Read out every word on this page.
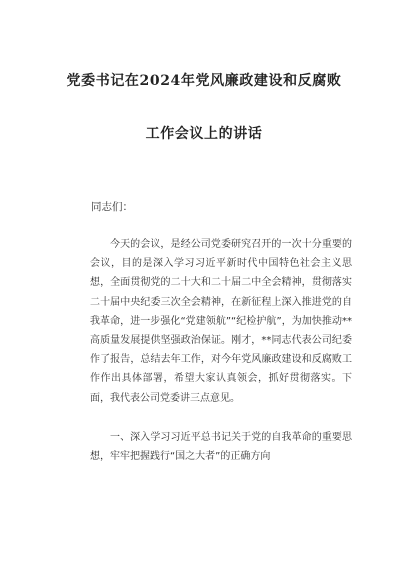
党委书记在2024年党风廉政建设和反腐败
工作会议上的讲话
同志们：
今天的会议，是经公司党委研究召开的一次十分重要的会议，目的是深入学习习近平新时代中国特色社会主义思想，全面贯彻党的二十大和二十届二中全会精神，贯彻落实二十届中央纪委三次全会精神，在新征程上深入推进党的自我革命，进一步强化“党建领航”“纪检护航”，为加快推动**高质量发展提供坚强政治保证。刚才，**同志代表公司纪委作了报告，总结去年工作，对今年党风廉政建设和反腐败工作作出具体部署，希望大家认真领会，抓好贯彻落实。下面，我代表公司党委讲三点意见。
一、深入学习习近平总书记关于党的自我革命的重要思想，牢牢把握践行“国之大者”的正确方向
